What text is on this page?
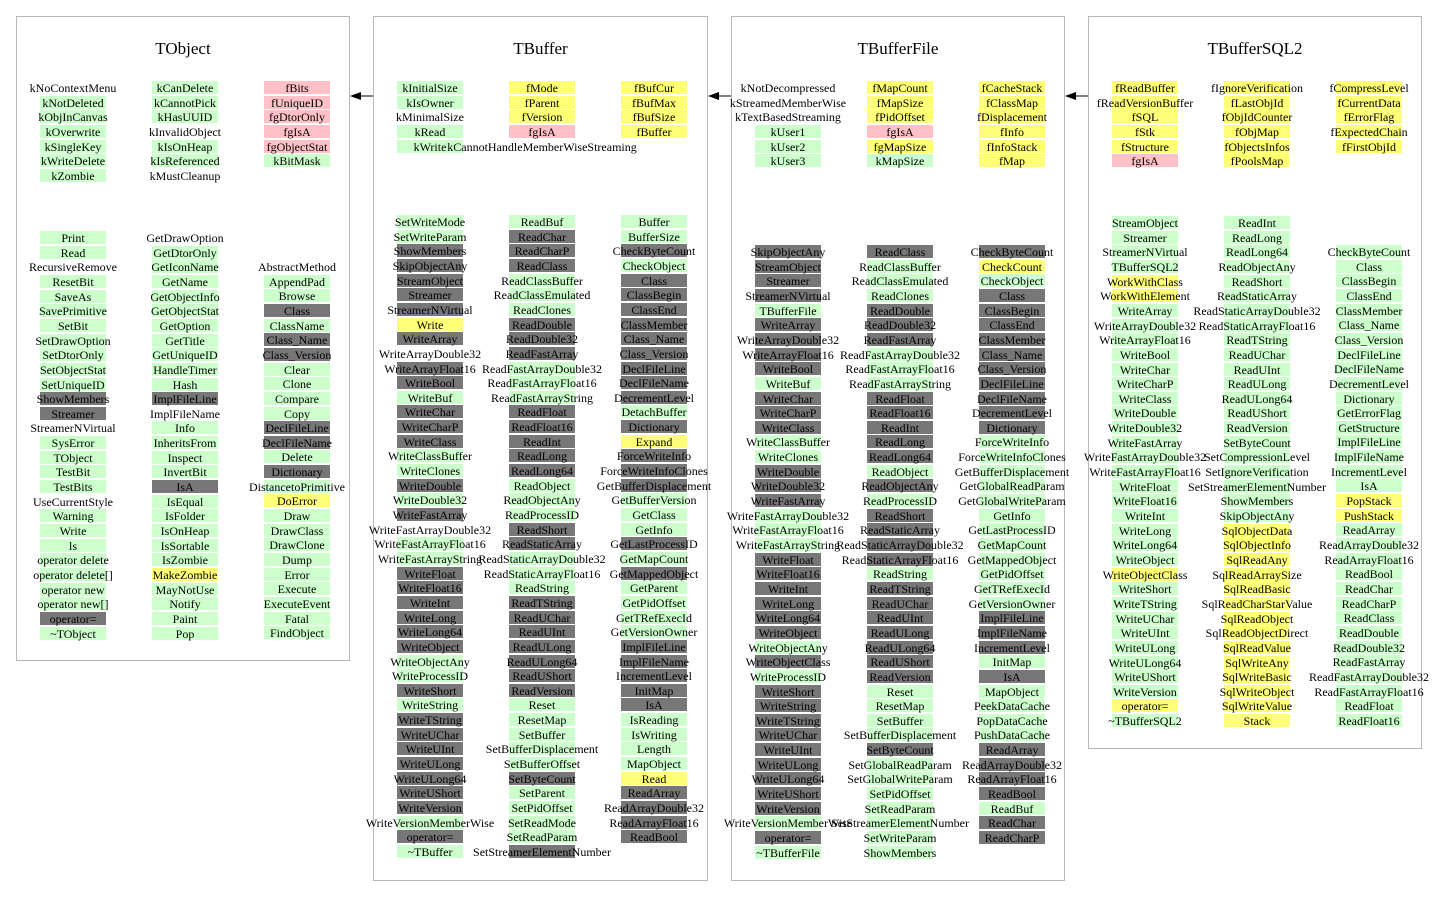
TObject
kNoContextMenu
kNotDeleted
kObjInCanvas
kOverwrite
kSingleKey
kWriteDelete
kZombie
kCanDelete
kCannotPick
kHasUUID
kInvalidObject
kIsOnHeap
kIsReferenced
kMustCleanup
fBits
fUniqueID
fgDtorOnly
fgIsA
fgObjectStat
kBitMask
Print
Read
RecursiveRemove
ResetBit
SaveAs
SavePrimitive
SetBit
SetDrawOption
SetDtorOnly
SetObjectStat
SetUniqueID
ShowMembers
Streamer
StreamerNVirtual
SysError
TObject
TestBit
TestBits
UseCurrentStyle
Warning
Write
ls
operator delete
operator delete[]
operator new
operator new[]
operator=
~TObject
GetDrawOption
GetDtorOnly
GetIconName
GetName
GetObjectInfo
GetObjectStat
GetOption
GetTitle
GetUniqueID
HandleTimer
Hash
ImplFileLine
ImplFileName
Info
InheritsFrom
Inspect
InvertBit
IsA
IsEqual
IsFolder
IsOnHeap
IsSortable
IsZombie
MakeZombie
MayNotUse
Notify
Paint
Pop
AbstractMethod
AppendPad
Browse
Class
ClassName
Class_Name
Class_Version
Clear
Clone
Compare
Copy
DeclFileLine
DeclFileName
Delete
Dictionary
DistancetoPrimitive
DoError
Draw
DrawClass
DrawClone
Dump
Error
Execute
ExecuteEvent
Fatal
FindObject
TBuffer
kInitialSize
kIsOwner
kMinimalSize
kRead
kWrite
fMode
fParent
fVersion
fgIsA
kCannotHandleMemberWiseStreaming
fBufCur
fBufMax
fBufSize
fBuffer
SetWriteMode
SetWriteParam
ShowMembers
SkipObjectAny
StreamObject
Streamer
StreamerNVirtual
Write
WriteArray
WriteArrayDouble32
WriteArrayFloat16
WriteBool
WriteBuf
WriteChar
WriteCharP
WriteClass
WriteClassBuffer
WriteClones
WriteDouble
WriteDouble32
WriteFastArray
WriteFastArrayDouble32
WriteFastArrayFloat16
WriteFastArrayString
WriteFloat
WriteFloat16
WriteInt
WriteLong
WriteLong64
WriteObject
WriteObjectAny
WriteProcessID
WriteShort
WriteString
WriteTString
WriteUChar
WriteUInt
WriteULong
WriteULong64
WriteUShort
WriteVersion
WriteVersionMemberWise
operator=
~TBuffer
ReadBuf
ReadChar
ReadCharP
ReadClass
ReadClassBuffer
ReadClassEmulated
ReadClones
ReadDouble
ReadDouble32
ReadFastArray
ReadFastArrayDouble32
ReadFastArrayFloat16
ReadFastArrayString
ReadFloat
ReadFloat16
ReadInt
ReadLong
ReadLong64
ReadObject
ReadObjectAny
ReadProcessID
ReadShort
ReadStaticArray
ReadStaticArrayDouble32
ReadStaticArrayFloat16
ReadString
ReadTString
ReadUChar
ReadUInt
ReadULong
ReadULong64
ReadUShort
ReadVersion
Reset
ResetMap
SetBuffer
SetBufferDisplacement
SetBufferOffset
SetByteCount
SetParent
SetPidOffset
SetReadMode
SetReadParam
SetStreamerElementNumber
Buffer
BufferSize
CheckByteCount
CheckObject
Class
ClassBegin
ClassEnd
ClassMember
Class_Name
Class_Version
DeclFileLine
DeclFileName
DecrementLevel
DetachBuffer
Dictionary
Expand
ForceWriteInfo
ForceWriteInfoClones
GetBufferDisplacement
GetBufferVersion
GetClass
GetInfo
GetLastProcessID
GetMapCount
GetMappedObject
GetParent
GetPidOffset
GetTRefExecId
GetVersionOwner
ImplFileLine
ImplFileName
IncrementLevel
InitMap
IsA
IsReading
IsWriting
Length
MapObject
Read
ReadArray
ReadArrayDouble32
ReadArrayFloat16
ReadBool
TBufferFile
kNotDecompressed
kStreamedMemberWise
kTextBasedStreaming
kUser1
kUser2
kUser3
fMapCount
fMapSize
fPidOffset
fgIsA
fgMapSize
kMapSize
fCacheStack
fClassMap
fDisplacement
fInfo
fInfoStack
fMap
SkipObjectAny
StreamObject
Streamer
StreamerNVirtual
TBufferFile
WriteArray
WriteArrayDouble32
WriteArrayFloat16
WriteBool
WriteBuf
WriteChar
WriteCharP
WriteClass
WriteClassBuffer
WriteClones
WriteDouble
WriteDouble32
WriteFastArray
WriteFastArrayDouble32
WriteFastArrayFloat16
WriteFastArrayString
WriteFloat
WriteFloat16
WriteInt
WriteLong
WriteLong64
WriteObject
WriteObjectAny
WriteObjectClass
WriteProcessID
WriteShort
WriteString
WriteTString
WriteUChar
WriteUInt
WriteULong
WriteULong64
WriteUShort
WriteVersion
WriteVersionMemberWise
operator=
~TBufferFile
ReadClass
ReadClassBuffer
ReadClassEmulated
ReadClones
ReadDouble
ReadDouble32
ReadFastArray
ReadFastArrayDouble32
ReadFastArrayFloat16
ReadFastArrayString
ReadFloat
ReadFloat16
ReadInt
ReadLong
ReadLong64
ReadObject
ReadObjectAny
ReadProcessID
ReadShort
ReadStaticArray
ReadStaticArrayDouble32
ReadStaticArrayFloat16
ReadString
ReadTString
ReadUChar
ReadUInt
ReadULong
ReadULong64
ReadUShort
ReadVersion
Reset
ResetMap
SetBuffer
SetBufferDisplacement
SetByteCount
SetGlobalReadParam
SetGlobalWriteParam
SetPidOffset
SetReadParam
SetStreamerElementNumber
SetWriteParam
ShowMembers
CheckByteCount
CheckCount
CheckObject
Class
ClassBegin
ClassEnd
ClassMember
Class_Name
Class_Version
DeclFileLine
DeclFileName
DecrementLevel
Dictionary
ForceWriteInfo
ForceWriteInfoClones
GetBufferDisplacement
GetGlobalReadParam
GetGlobalWriteParam
GetInfo
GetLastProcessID
GetMapCount
GetMappedObject
GetPidOffset
GetTRefExecId
GetVersionOwner
ImplFileLine
ImplFileName
IncrementLevel
InitMap
IsA
MapObject
PeekDataCache
PopDataCache
PushDataCache
ReadArray
ReadArrayDouble32
ReadArrayFloat16
ReadBool
ReadBuf
ReadChar
ReadCharP
TBufferSQL2
fReadBuffer
fReadVersionBuffer
fSQL
fStk
fStructure
fgIsA
fIgnoreVerification
fLastObjId
fObjIdCounter
fObjMap
fObjectsInfos
fPoolsMap
fCompressLevel
fCurrentData
fErrorFlag
fExpectedChain
fFirstObjId
StreamObject
Streamer
StreamerNVirtual
TBufferSQL2
WorkWithClass
WorkWithElement
WriteArray
WriteArrayDouble32
WriteArrayFloat16
WriteBool
WriteChar
WriteCharP
WriteClass
WriteDouble
WriteDouble32
WriteFastArray
WriteFastArrayDouble32
WriteFastArrayFloat16
WriteFloat
WriteFloat16
WriteInt
WriteLong
WriteLong64
WriteObject
WriteObjectClass
WriteShort
WriteTString
WriteUChar
WriteUInt
WriteULong
WriteULong64
WriteUShort
WriteVersion
operator=
~TBufferSQL2
ReadInt
ReadLong
ReadLong64
ReadObjectAny
ReadShort
ReadStaticArray
ReadStaticArrayDouble32
ReadStaticArrayFloat16
ReadTString
ReadUChar
ReadUInt
ReadULong
ReadULong64
ReadUShort
ReadVersion
SetByteCount
SetCompressionLevel
SetIgnoreVerification
SetStreamerElementNumber
ShowMembers
SkipObjectAny
SqlObjectData
SqlObjectInfo
SqlReadAny
SqlReadArraySize
SqlReadBasic
SqlReadCharStarValue
SqlReadObject
SqlReadObjectDirect
SqlReadValue
SqlWriteAny
SqlWriteBasic
SqlWriteObject
SqlWriteValue
Stack
CheckByteCount
Class
ClassBegin
ClassEnd
ClassMember
Class_Name
Class_Version
DeclFileLine
DeclFileName
DecrementLevel
Dictionary
GetErrorFlag
GetStructure
ImplFileLine
ImplFileName
IncrementLevel
IsA
PopStack
PushStack
ReadArray
ReadArrayDouble32
ReadArrayFloat16
ReadBool
ReadChar
ReadCharP
ReadClass
ReadDouble
ReadDouble32
ReadFastArray
ReadFastArrayDouble32
ReadFastArrayFloat16
ReadFloat
ReadFloat16
